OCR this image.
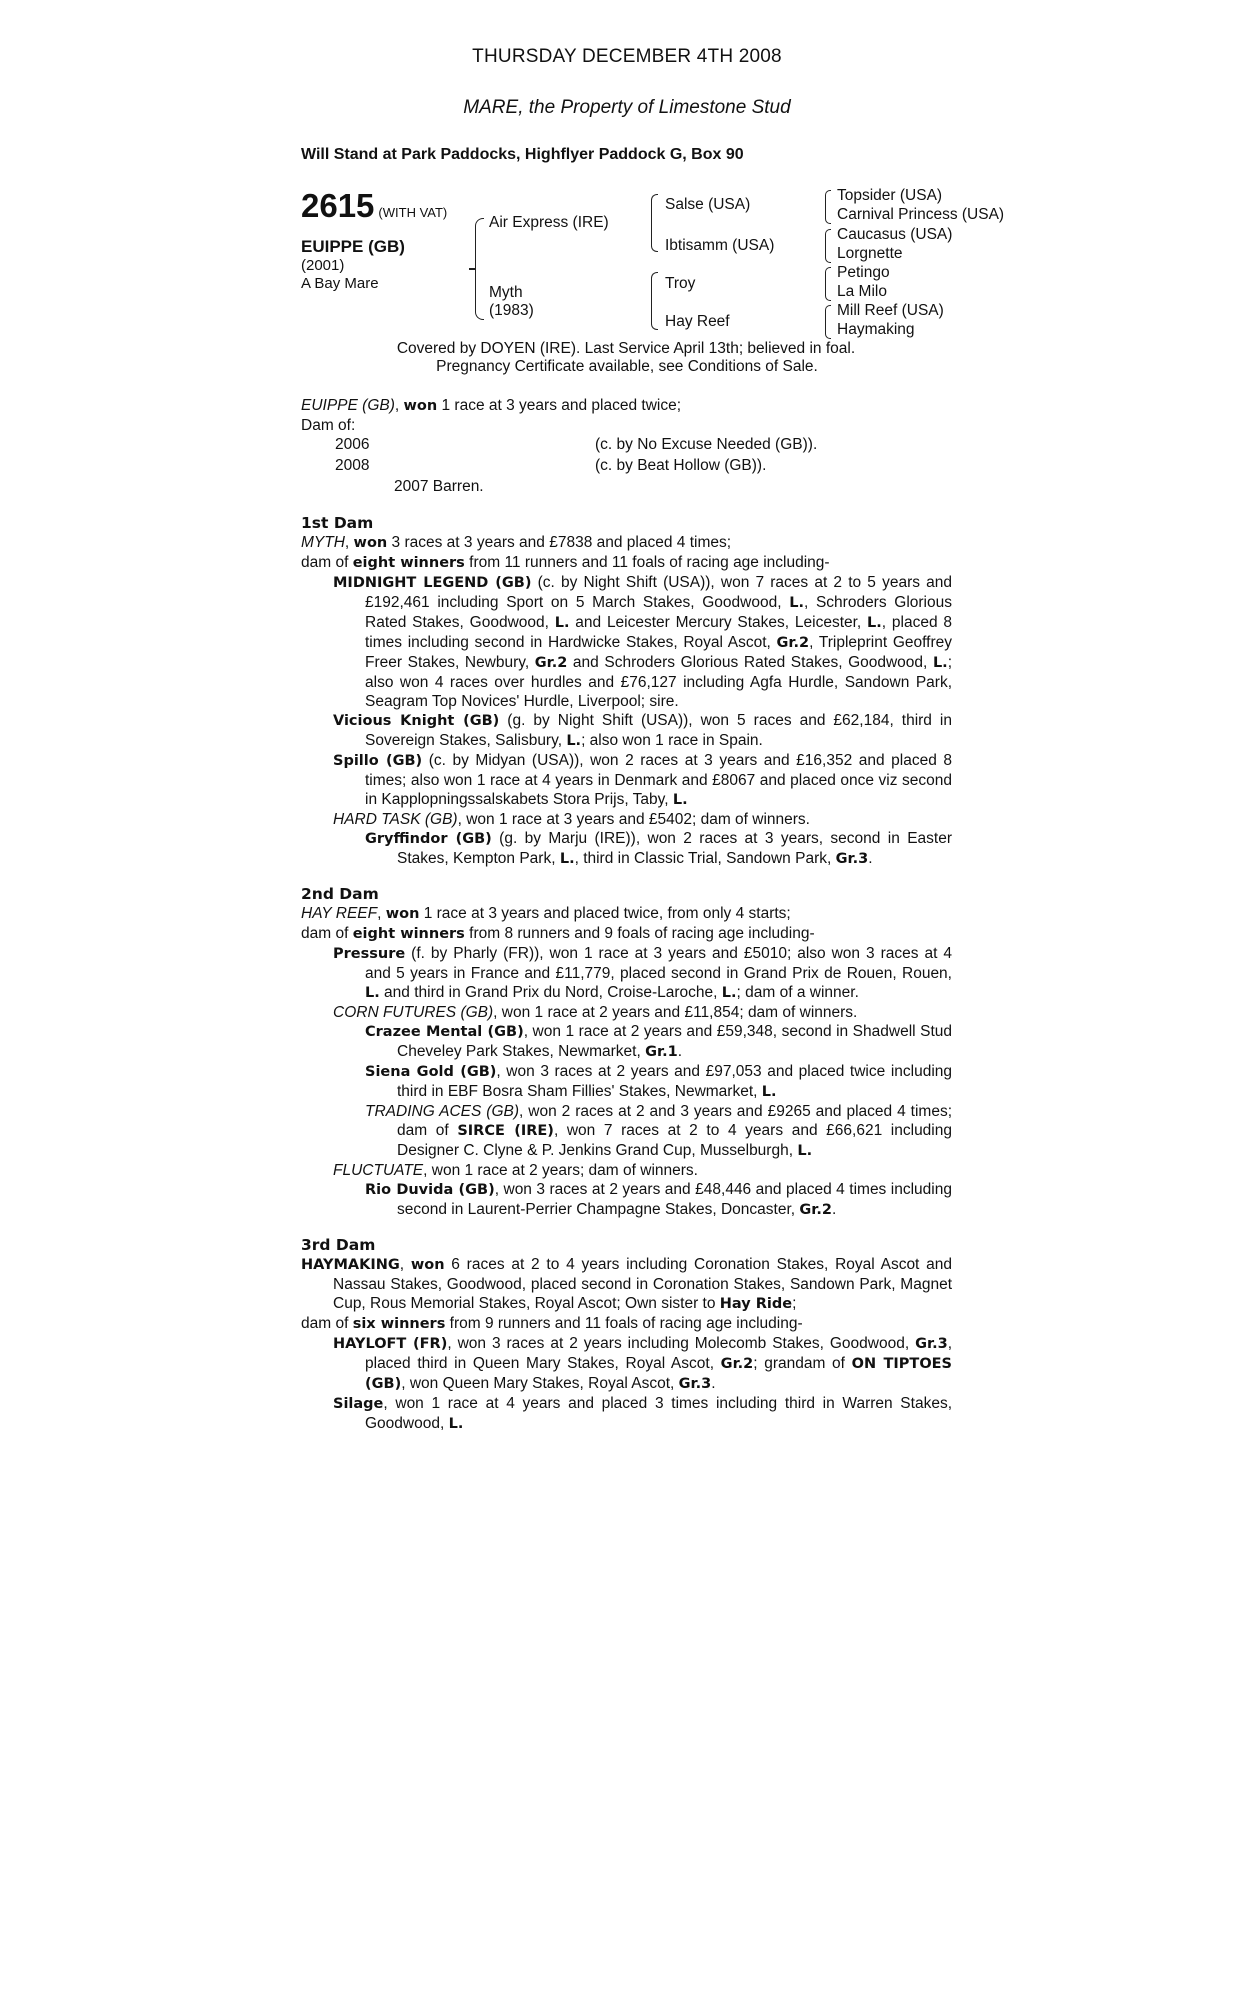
THURSDAY DECEMBER 4TH 2008
MARE, the Property of Limestone Stud
Will Stand at Park Paddocks, Highflyer Paddock G, Box 90
2615 (WITH VAT)
EUIPPE (GB)
(2001)
A Bay Mare
Air Express (IRE)
Myth
(1983)
Salse (USA)
Ibtisamm (USA)
Troy
Hay Reef
Topsider (USA)
Carnival Princess (USA)
Caucasus (USA)
Lorgnette
Petingo
La Milo
Mill Reef (USA)
Haymaking
Covered by DOYEN (IRE). Last Service April 13th; believed in foal.
Pregnancy Certificate available, see Conditions of Sale.

EUIPPE (GB), won 1 race at 3 years and placed twice;

Dam of:

2006	(c. by No Excuse Needed (GB)).
2008	(c. by Beat Hollow (GB)).
2007 Barren.

1st Dam

MYTH, won 3 races at 3 years and £7838 and placed 4 times;

dam of eight winners from 11 runners and 11 foals of racing age including-

MIDNIGHT LEGEND (GB) (c. by Night Shift (USA)), won 7 races at 2 to 5 years and £192,461 including Sport on 5 March Stakes, Goodwood, L., Schroders Glorious Rated Stakes, Goodwood, L. and Leicester Mercury Stakes, Leicester, L., placed 8 times including second in Hardwicke Stakes, Royal Ascot, Gr.2, Tripleprint Geoffrey Freer Stakes, Newbury, Gr.2 and Schroders Glorious Rated Stakes, Goodwood, L.; also won 4 races over hurdles and £76,127 including Agfa Hurdle, Sandown Park, Seagram Top Novices' Hurdle, Liverpool; sire.

Vicious Knight (GB) (g. by Night Shift (USA)), won 5 races and £62,184, third in Sovereign Stakes, Salisbury, L.; also won 1 race in Spain.

Spillo (GB) (c. by Midyan (USA)), won 2 races at 3 years and £16,352 and placed 8 times; also won 1 race at 4 years in Denmark and £8067 and placed once viz second in Kapplopningssalskabets Stora Prijs, Taby, L.

HARD TASK (GB), won 1 race at 3 years and £5402; dam of winners.

Gryffindor (GB) (g. by Marju (IRE)), won 2 races at 3 years, second in Easter Stakes, Kempton Park, L., third in Classic Trial, Sandown Park, Gr.3.

2nd Dam

HAY REEF, won 1 race at 3 years and placed twice, from only 4 starts;

dam of eight winners from 8 runners and 9 foals of racing age including-

Pressure (f. by Pharly (FR)), won 1 race at 3 years and £5010; also won 3 races at 4 and 5 years in France and £11,779, placed second in Grand Prix de Rouen, Rouen, L. and third in Grand Prix du Nord, Croise-Laroche, L.; dam of a winner.

CORN FUTURES (GB), won 1 race at 2 years and £11,854; dam of winners.

Crazee Mental (GB), won 1 race at 2 years and £59,348, second in Shadwell Stud Cheveley Park Stakes, Newmarket, Gr.1.

Siena Gold (GB), won 3 races at 2 years and £97,053 and placed twice including third in EBF Bosra Sham Fillies' Stakes, Newmarket, L.

TRADING ACES (GB), won 2 races at 2 and 3 years and £9265 and placed 4 times; dam of SIRCE (IRE), won 7 races at 2 to 4 years and £66,621 including Designer C. Clyne & P. Jenkins Grand Cup, Musselburgh, L.

FLUCTUATE, won 1 race at 2 years; dam of winners.

Rio Duvida (GB), won 3 races at 2 years and £48,446 and placed 4 times including second in Laurent-Perrier Champagne Stakes, Doncaster, Gr.2.

3rd Dam

HAYMAKING, won 6 races at 2 to 4 years including Coronation Stakes, Royal Ascot and Nassau Stakes, Goodwood, placed second in Coronation Stakes, Sandown Park, Magnet Cup, Rous Memorial Stakes, Royal Ascot; Own sister to Hay Ride;

dam of six winners from 9 runners and 11 foals of racing age including-

HAYLOFT (FR), won 3 races at 2 years including Molecomb Stakes, Goodwood, Gr.3, placed third in Queen Mary Stakes, Royal Ascot, Gr.2; grandam of ON TIPTOES (GB), won Queen Mary Stakes, Royal Ascot, Gr.3.

Silage, won 1 race at 4 years and placed 3 times including third in Warren Stakes, Goodwood, L.
